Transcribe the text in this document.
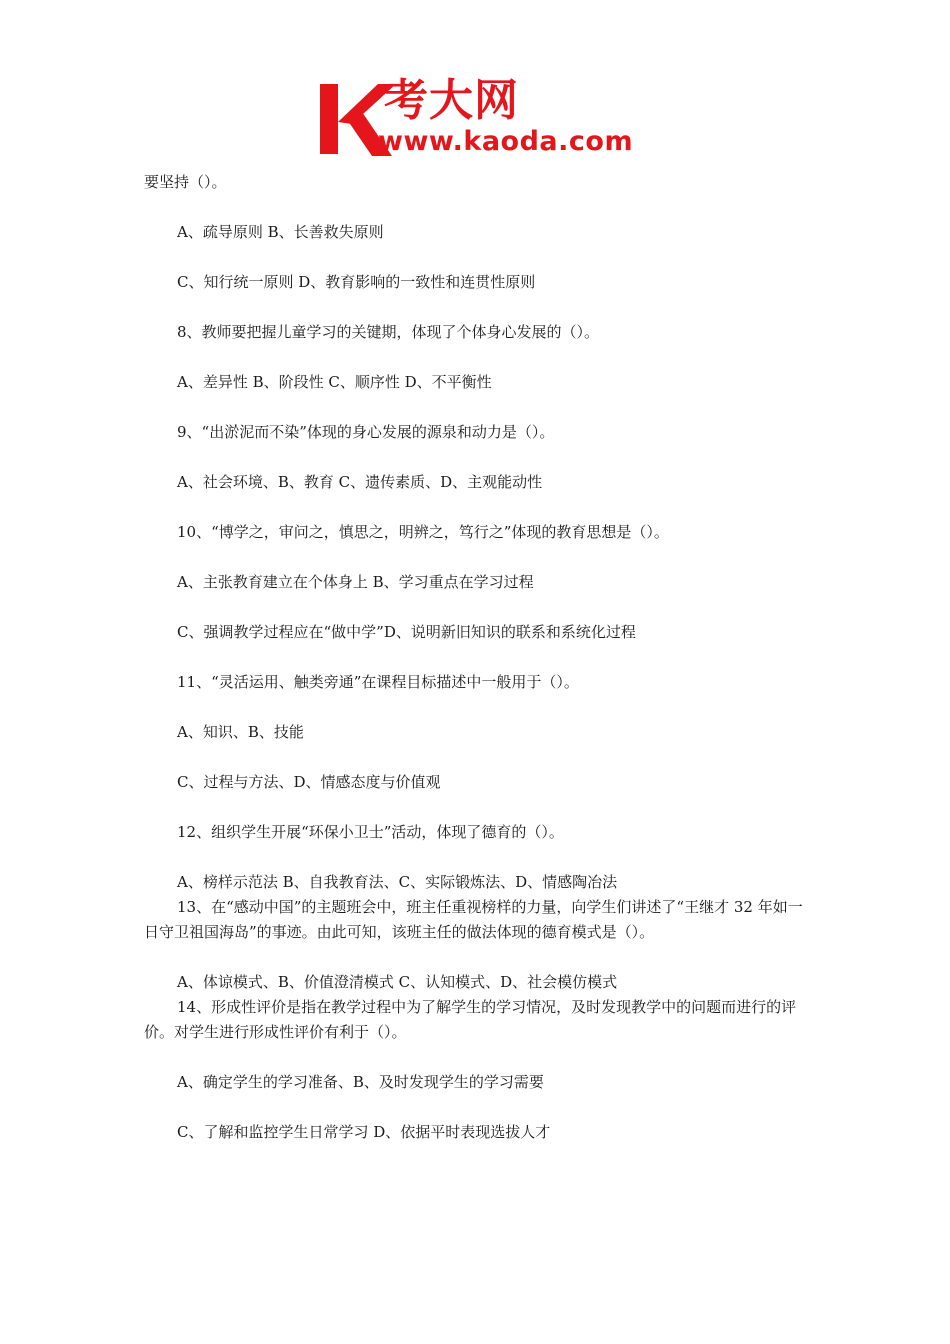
考大网
www.kaoda.com

要坚持（）。

A、疏导原则 B、长善救失原则

C、知行统一原则 D、教育影响的一致性和连贯性原则

8、教师要把握儿童学习的关键期，体现了个体身心发展的（）。

A、差异性 B、阶段性 C、顺序性 D、不平衡性

9、“出淤泥而不染”体现的身心发展的源泉和动力是（）。

A、社会环境、B、教育 C、遗传素质、D、主观能动性

10、“博学之，审问之，慎思之，明辨之，笃行之”体现的教育思想是（）。

A、主张教育建立在个体身上 B、学习重点在学习过程

C、强调教学过程应在“做中学”D、说明新旧知识的联系和系统化过程

11、“灵活运用、触类旁通”在课程目标描述中一般用于（）。

A、知识、B、技能

C、过程与方法、D、情感态度与价值观

12、组织学生开展“环保小卫士”活动，体现了德育的（）。

A、榜样示范法 B、自我教育法、C、实际锻炼法、D、情感陶冶法

13、在“感动中国”的主题班会中，班主任重视榜样的力量，向学生们讲述了“王继才 32 年如一日守卫祖国海岛”的事迹。由此可知，该班主任的做法体现的德育模式是（）。

A、体谅模式、B、价值澄清模式 C、认知模式、D、社会模仿模式

14、形成性评价是指在教学过程中为了解学生的学习情况，及时发现教学中的问题而进行的评价。对学生进行形成性评价有利于（）。

A、确定学生的学习准备、B、及时发现学生的学习需要

C、了解和监控学生日常学习 D、依据平时表现选拔人才
